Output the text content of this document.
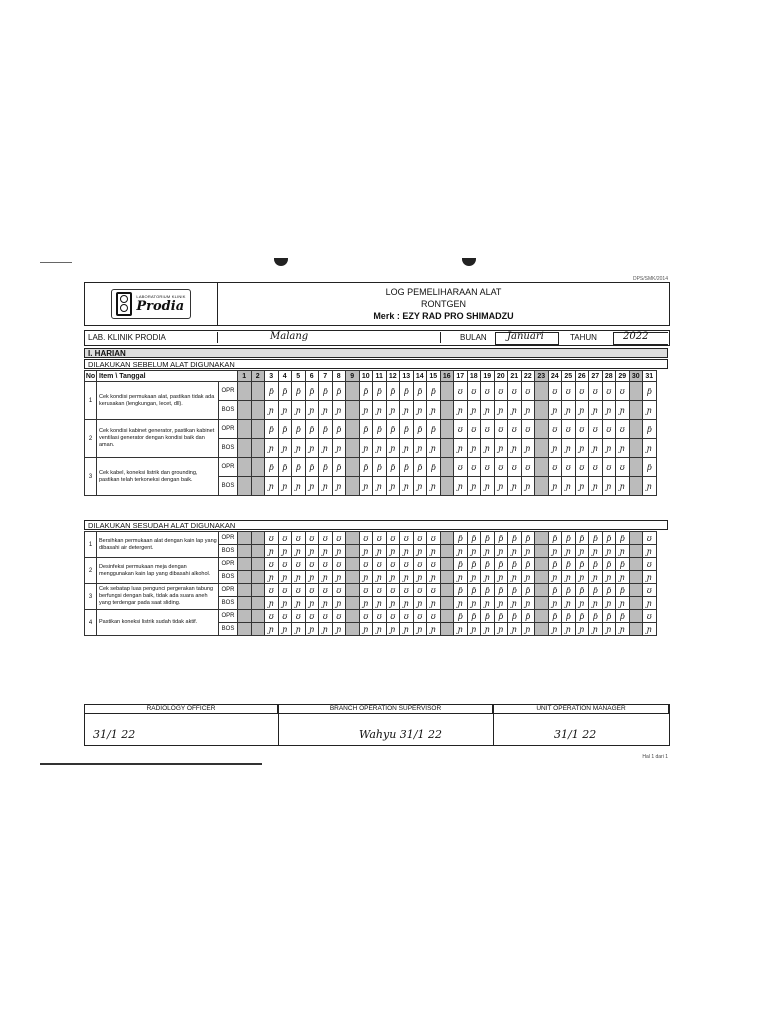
DPS/SMK/2014
LABORATORIUM KLINIK
Prodia
LOG PEMELIHARAAN ALAT
RONTGEN
Merk : EZY RAD PRO SHIMADZU
LAB. KLINIK PRODIA	Malang	BULAN Januari	TAHUN	2022
I. HARIAN
DILAKUKAN SEBELUM ALAT DIGUNAKAN
No	Item \ Tanggal		1	2	3	4	5	6	7	8	9	10	11	12	13	14	15	16	17	18	19	20	21	22	23	24	25	26	27	28	29	30	31
1	Cek kondisi permukaan alat, pastikan tidak ada kerusakan (lengkungan, lecet, dll).	OPR			ƥ	ƥ	ƥ	ƥ	ƥ	ƥ		ƥ	ƥ	ƥ	ƥ	ƥ	ƥ		ʊ	ʊ	ʊ	ʊ	ʊ	ʊ		ʊ	ʊ	ʊ	ʊ	ʊ	ʊ		ƥ
		BOS			ɲ	ɲ	ɲ	ɲ	ɲ	ɲ		ɲ	ɲ	ɲ	ɲ	ɲ	ɲ		ɲ	ɲ	ɲ	ɲ	ɲ	ɲ		ɲ	ɲ	ɲ	ɲ	ɲ	ɲ		ɲ
2	Cek kondisi kabinet generator, pastikan kabinet ventilasi generator dengan kondisi baik dan aman.	OPR			ƥ	ƥ	ƥ	ƥ	ƥ	ƥ		ƥ	ƥ	ƥ	ƥ	ƥ	ƥ		ʊ	ʊ	ʊ	ʊ	ʊ	ʊ		ʊ	ʊ	ʊ	ʊ	ʊ	ʊ		ƥ
		BOS			ɲ	ɲ	ɲ	ɲ	ɲ	ɲ		ɲ	ɲ	ɲ	ɲ	ɲ	ɲ		ɲ	ɲ	ɲ	ɲ	ɲ	ɲ		ɲ	ɲ	ɲ	ɲ	ɲ	ɲ		ɲ
3	Cek kabel, koneksi listrik dan grounding, pastikan telah terkoneksi dengan baik.	OPR			ƥ	ƥ	ƥ	ƥ	ƥ	ƥ		ƥ	ƥ	ƥ	ƥ	ƥ	ƥ		ʊ	ʊ	ʊ	ʊ	ʊ	ʊ		ʊ	ʊ	ʊ	ʊ	ʊ	ʊ		ƥ
		BOS			ɲ	ɲ	ɲ	ɲ	ɲ	ɲ		ɲ	ɲ	ɲ	ɲ	ɲ	ɲ		ɲ	ɲ	ɲ	ɲ	ɲ	ɲ		ɲ	ɲ	ɲ	ɲ	ɲ	ɲ		ɲ
DILAKUKAN SESUDAH ALAT DIGUNAKAN
1	Bersihkan permukaan alat dengan kain lap yang dibasahi air detergent.	OPR			ʊ	ʊ	ʊ	ʊ	ʊ	ʊ		ʊ	ʊ	ʊ	ʊ	ʊ	ʊ		ƥ	ƥ	ƥ	ƥ	ƥ	ƥ		ƥ	ƥ	ƥ	ƥ	ƥ	ƥ		ʊ
		BOS			ɲ	ɲ	ɲ	ɲ	ɲ	ɲ		ɲ	ɲ	ɲ	ɲ	ɲ	ɲ		ɲ	ɲ	ɲ	ɲ	ɲ	ɲ		ɲ	ɲ	ɲ	ɲ	ɲ	ɲ		ɲ
2	Desinfeksi permukaan meja dengan menggunakan kain lap yang dibasahi alkohol.	OPR			ʊ	ʊ	ʊ	ʊ	ʊ	ʊ		ʊ	ʊ	ʊ	ʊ	ʊ	ʊ		ƥ	ƥ	ƥ	ƥ	ƥ	ƥ		ƥ	ƥ	ƥ	ƥ	ƥ	ƥ		ʊ
		BOS			ɲ	ɲ	ɲ	ɲ	ɲ	ɲ		ɲ	ɲ	ɲ	ɲ	ɲ	ɲ		ɲ	ɲ	ɲ	ɲ	ɲ	ɲ		ɲ	ɲ	ɲ	ɲ	ɲ	ɲ		ɲ
3	Cek sebatap luas pengunci pergerakan tabung berfungsi dengan baik, tidak ada suara aneh yang terdengar pada saat sliding.	OPR			ʊ	ʊ	ʊ	ʊ	ʊ	ʊ		ʊ	ʊ	ʊ	ʊ	ʊ	ʊ		ƥ	ƥ	ƥ	ƥ	ƥ	ƥ		ƥ	ƥ	ƥ	ƥ	ƥ	ƥ		ʊ
		BOS			ɲ	ɲ	ɲ	ɲ	ɲ	ɲ		ɲ	ɲ	ɲ	ɲ	ɲ	ɲ		ɲ	ɲ	ɲ	ɲ	ɲ	ɲ		ɲ	ɲ	ɲ	ɲ	ɲ	ɲ		ɲ
4	Pastikan koneksi listrik sudah tidak aktif.	OPR			ʊ	ʊ	ʊ	ʊ	ʊ	ʊ		ʊ	ʊ	ʊ	ʊ	ʊ	ʊ		ƥ	ƥ	ƥ	ƥ	ƥ	ƥ		ƥ	ƥ	ƥ	ƥ	ƥ	ƥ		ʊ
		BOS			ɲ	ɲ	ɲ	ɲ	ɲ	ɲ		ɲ	ɲ	ɲ	ɲ	ɲ	ɲ		ɲ	ɲ	ɲ	ɲ	ɲ	ɲ		ɲ	ɲ	ɲ	ɲ	ɲ	ɲ		ɲ
RADIOLOGY OFFICER
31/1 22
BRANCH OPERATION SUPERVISOR
Wahyu 31/1 22
UNIT OPERATION MANAGER
31/1 22
Hal 1 dari 1
